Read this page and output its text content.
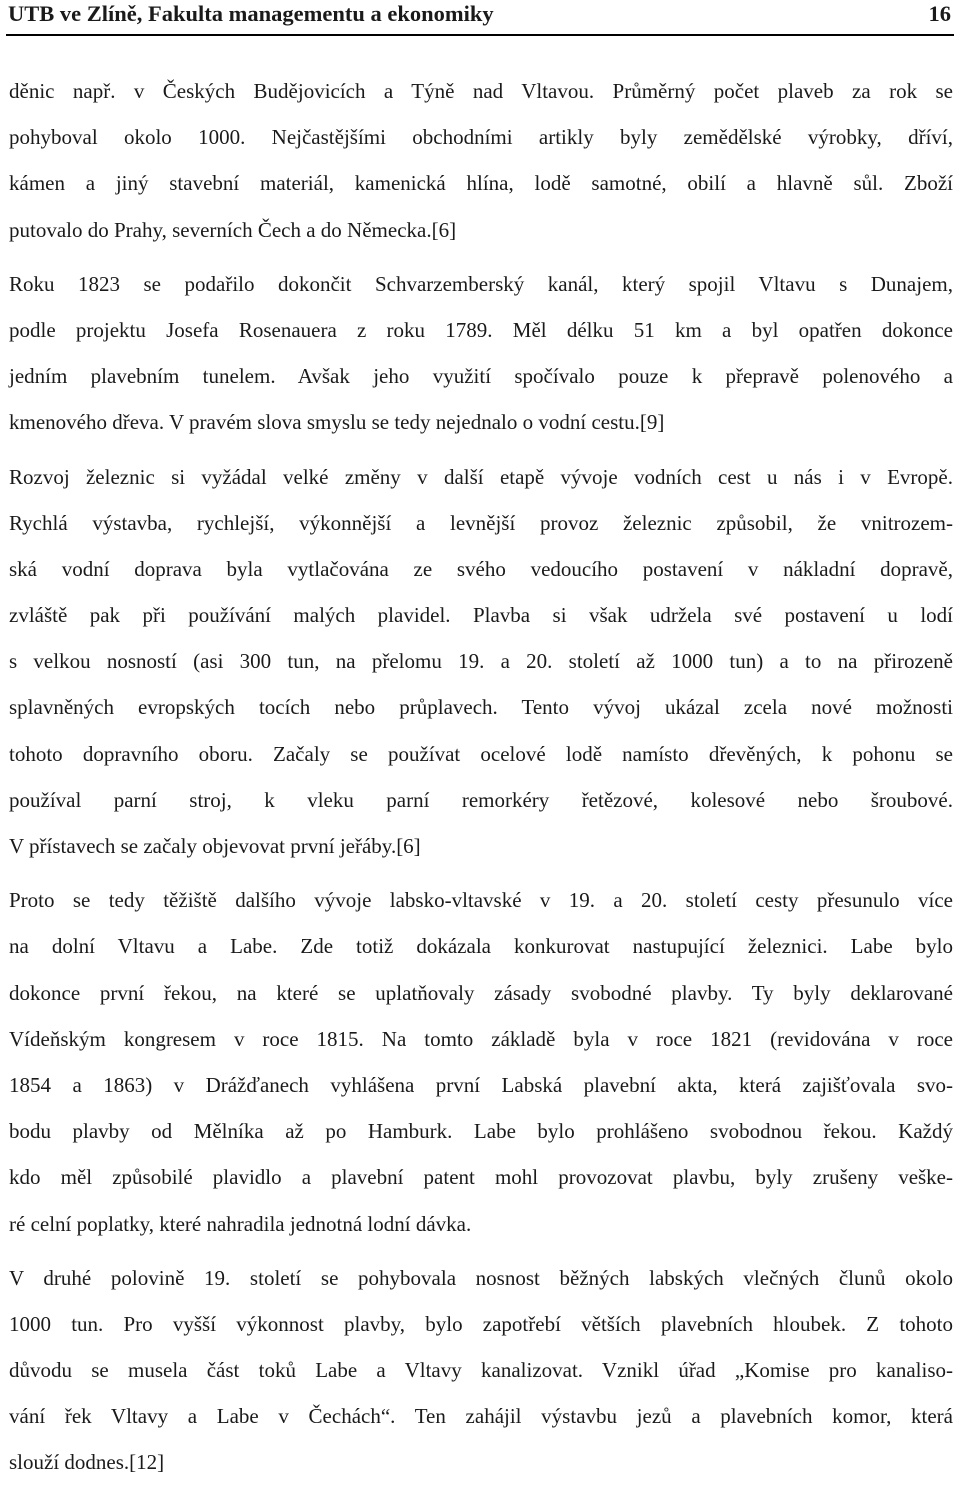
UTB ve Zlíně, Fakulta managementu a ekonomiky	16

děnic např. v Českých Budějovicích a Týně nad Vltavou. Průměrný počet plaveb za rok se
pohyboval okolo 1000. Nejčastějšími obchodními artikly byly zemědělské výrobky, dříví,
kámen a jiný stavební materiál, kamenická hlína, lodě samotné, obilí a hlavně sůl. Zboží
putovalo do Prahy, severních Čech a do Německa.[6]

Roku 1823 se podařilo dokončit Schvarzemberský kanál, který spojil Vltavu s Dunajem,
podle projektu Josefa Rosenauera z roku 1789. Měl délku 51 km a byl opatřen dokonce
jedním plavebním tunelem. Avšak jeho využití spočívalo pouze k přepravě polenového a
kmenového dřeva. V pravém slova smyslu se tedy nejednalo o vodní cestu.[9]

Rozvoj železnic si vyžádal velké změny v další etapě vývoje vodních cest u nás i v Evropě.
Rychlá výstavba, rychlejší, výkonnější a levnější provoz železnic způsobil, že vnitrozem-
ská vodní doprava byla vytlačována ze svého vedoucího postavení v nákladní dopravě,
zvláště pak při používání malých plavidel. Plavba si však udržela své postavení u lodí
s velkou nosností (asi 300 tun, na přelomu 19. a 20. století až 1000 tun) a to na přirozeně
splavněných evropských tocích nebo průplavech. Tento vývoj ukázal zcela nové možnosti
tohoto dopravního oboru. Začaly se používat ocelové lodě namísto dřevěných, k pohonu se
používal parní stroj, k vleku parní remorkéry řetězové, kolesové nebo šroubové.
V přístavech se začaly objevovat první jeřáby.[6]

Proto se tedy těžiště dalšího vývoje labsko-vltavské v 19. a 20. století cesty přesunulo více
na dolní Vltavu a Labe. Zde totiž dokázala konkurovat nastupující železnici. Labe bylo
dokonce první řekou, na které se uplatňovaly zásady svobodné plavby. Ty byly deklarované
Vídeňským kongresem v roce 1815. Na tomto základě byla v roce 1821 (revidována v roce
1854 a 1863) v Drážďanech vyhlášena první Labská plavební akta, která zajišťovala svo-
bodu plavby od Mělníka až po Hamburk. Labe bylo prohlášeno svobodnou řekou. Každý
kdo měl způsobilé plavidlo a plavební patent mohl provozovat plavbu, byly zrušeny veške-
ré celní poplatky, které nahradila jednotná lodní dávka.

V druhé polovině 19. století se pohybovala nosnost běžných labských vlečných člunů okolo
1000 tun. Pro vyšší výkonnost plavby, bylo zapotřebí větších plavebních hloubek. Z tohoto
důvodu se musela část toků Labe a Vltavy kanalizovat. Vznikl úřad „Komise pro kanaliso-
vání řek Vltavy a Labe v Čechách“. Ten zahájil výstavbu jezů a plavebních komor, která
slouží dodnes.[12]
